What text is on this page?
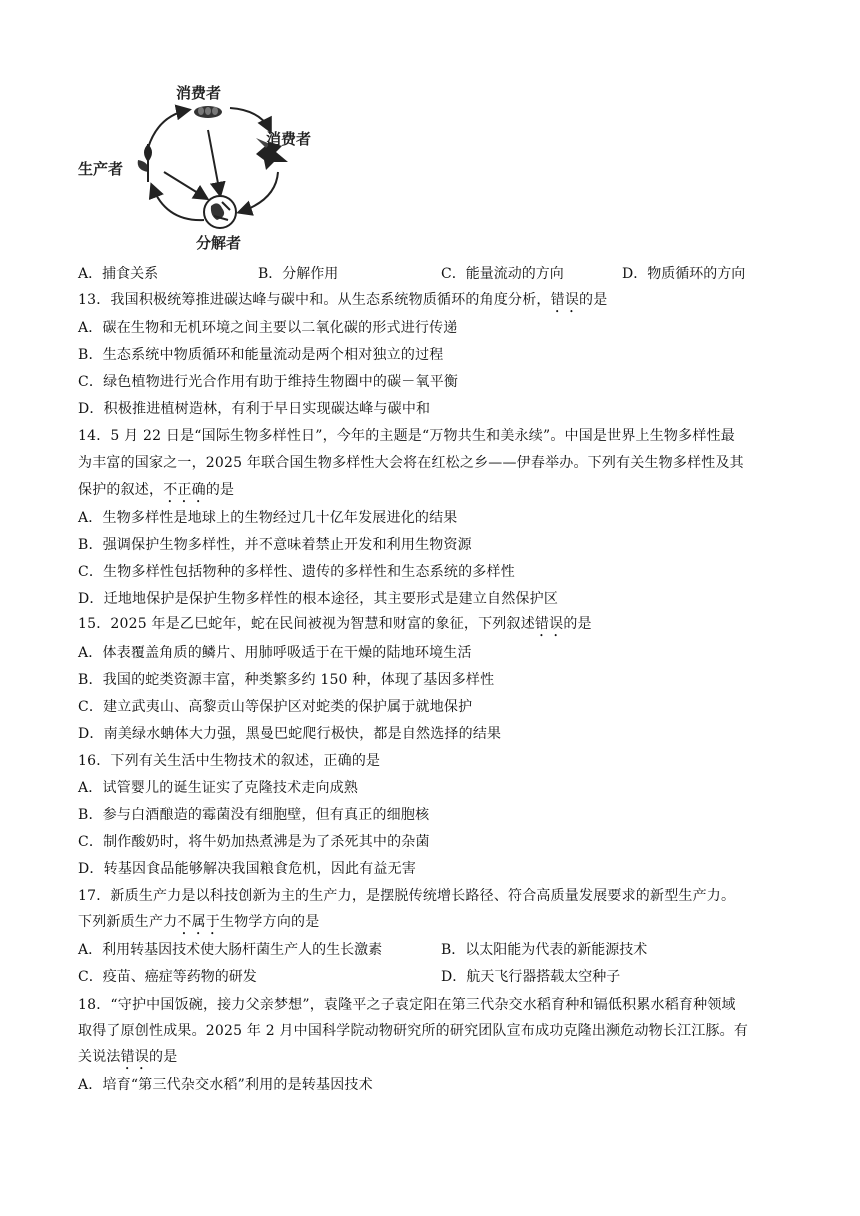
消费者
消费者
生产者
分解者
A．捕食关系	B．分解作用	C．能量流动的方向	D．物质循环的方向
13．我国积极统筹推进碳达峰与碳中和。从生态系统物质循环的角度分析，错误的是
A．碳在生物和无机环境之间主要以二氧化碳的形式进行传递
B．生态系统中物质循环和能量流动是两个相对独立的过程
C．绿色植物进行光合作用有助于维持生物圈中的碳－氧平衡
D．积极推进植树造林，有利于早日实现碳达峰与碳中和
14．5 月 22 日是“国际生物多样性日”，今年的主题是“万物共生和美永续”。中国是世界上生物多样性最
为丰富的国家之一，2025 年联合国生物多样性大会将在红松之乡——伊春举办。下列有关生物多样性及其
保护的叙述，不正确的是
A．生物多样性是地球上的生物经过几十亿年发展进化的结果
B．强调保护生物多样性，并不意味着禁止开发和利用生物资源
C．生物多样性包括物种的多样性、遗传的多样性和生态系统的多样性
D．迁地地保护是保护生物多样性的根本途径，其主要形式是建立自然保护区
15．2025 年是乙巳蛇年，蛇在民间被视为智慧和财富的象征，下列叙述错误的是
A．体表覆盖角质的鳞片、用肺呼吸适于在干燥的陆地环境生活
B．我国的蛇类资源丰富，种类繁多约 150 种，体现了基因多样性
C．建立武夷山、高黎贡山等保护区对蛇类的保护属于就地保护
D．南美绿水蚺体大力强，黑曼巴蛇爬行极快，都是自然选择的结果
16．下列有关生活中生物技术的叙述，正确的是
A．试管婴儿的诞生证实了克隆技术走向成熟
B．参与白酒酿造的霉菌没有细胞壁，但有真正的细胞核
C．制作酸奶时，将牛奶加热煮沸是为了杀死其中的杂菌
D．转基因食品能够解决我国粮食危机，因此有益无害
17．新质生产力是以科技创新为主的生产力，是摆脱传统增长路径、符合高质量发展要求的新型生产力。
下列新质生产力不属于生物学方向的是
A．利用转基因技术使大肠杆菌生产人的生长激素	B．以太阳能为代表的新能源技术
C．疫苗、癌症等药物的研发	D．航天飞行器搭载太空种子
18．“守护中国饭碗，接力父亲梦想”，袁隆平之子袁定阳在第三代杂交水稻育种和镉低积累水稻育种领域
取得了原创性成果。2025 年 2 月中国科学院动物研究所的研究团队宣布成功克隆出濒危动物长江江豚。有
关说法错误的是
A．培育“第三代杂交水稻”利用的是转基因技术
